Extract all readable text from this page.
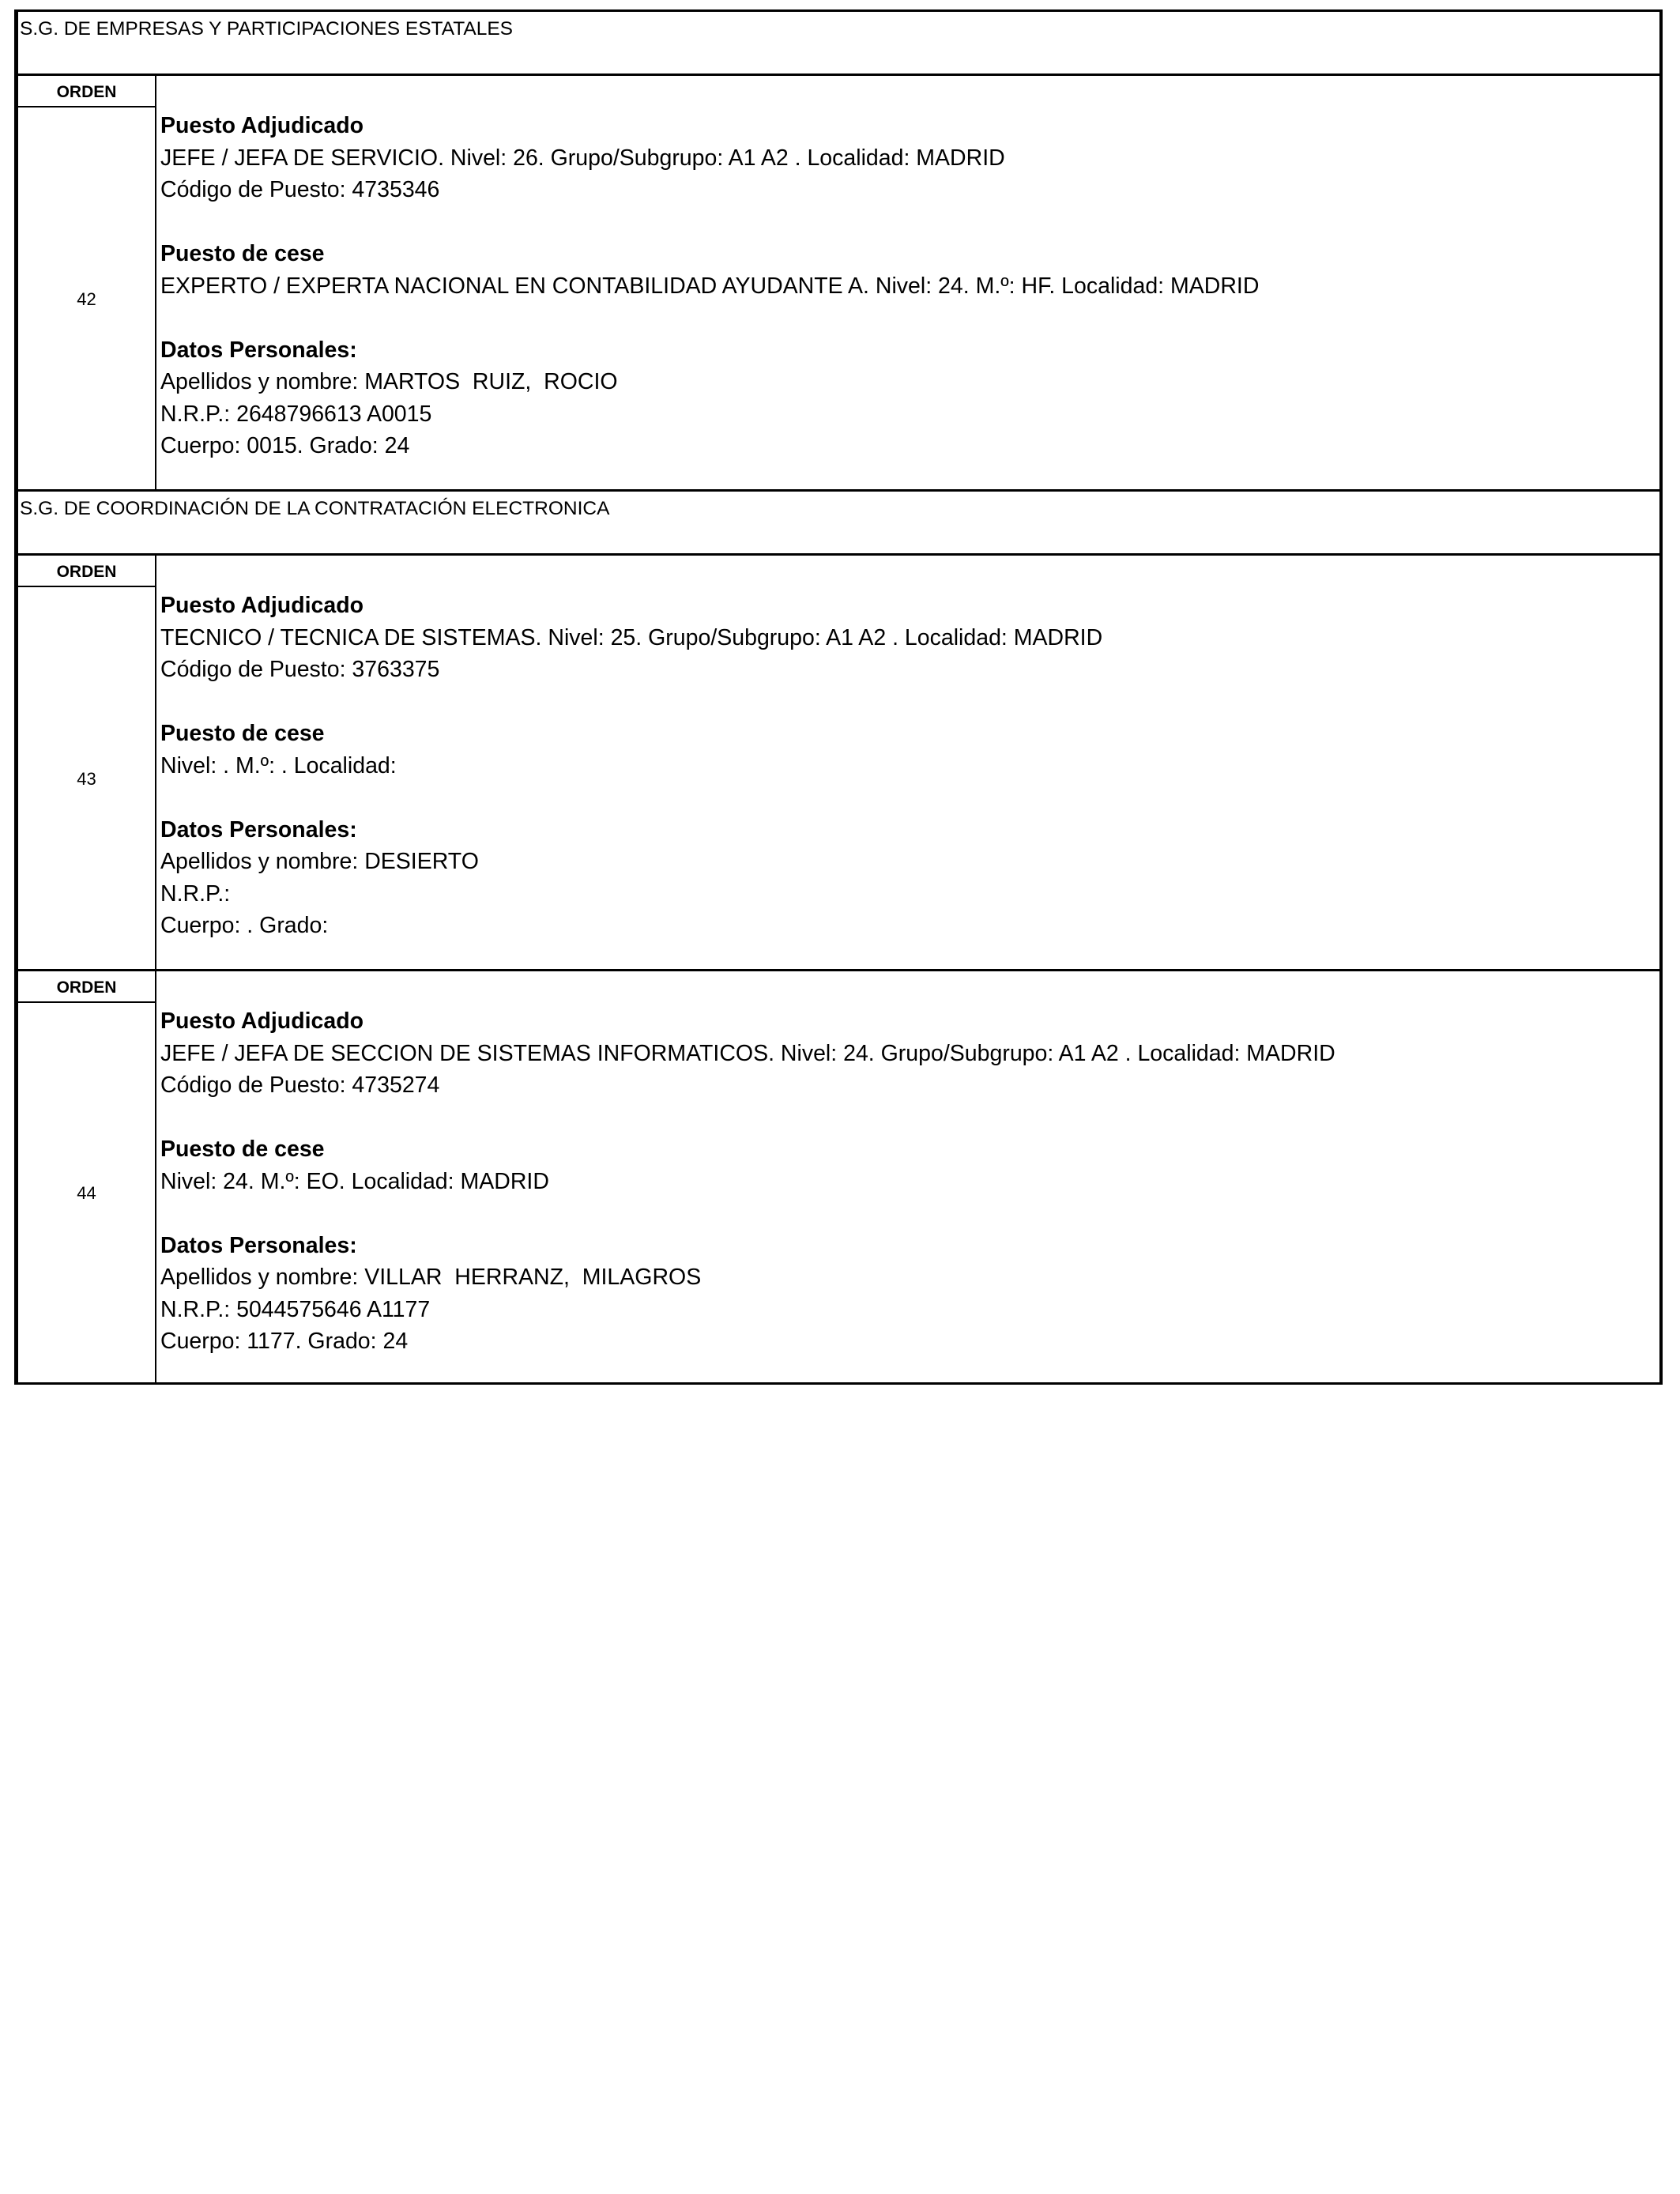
S.G. DE EMPRESAS Y PARTICIPACIONES ESTATALES
ORDEN
42
Puesto Adjudicado
JEFE / JEFA DE SERVICIO. Nivel: 26. Grupo/Subgrupo: A1 A2 . Localidad: MADRID
Código de Puesto: 4735346
Puesto de cese
EXPERTO / EXPERTA NACIONAL EN CONTABILIDAD AYUDANTE A. Nivel: 24. M.º: HF. Localidad: MADRID
Datos Personales:
Apellidos y nombre: MARTOS  RUIZ,  ROCIO
N.R.P.: 2648796613 A0015
Cuerpo: 0015. Grado: 24
S.G. DE COORDINACIÓN DE LA CONTRATACIÓN ELECTRONICA
ORDEN
43
Puesto Adjudicado
TECNICO / TECNICA DE SISTEMAS. Nivel: 25. Grupo/Subgrupo: A1 A2 . Localidad: MADRID
Código de Puesto: 3763375
Puesto de cese
Nivel: . M.º: . Localidad:
Datos Personales:
Apellidos y nombre: DESIERTO
N.R.P.:
Cuerpo: . Grado:
ORDEN
44
Puesto Adjudicado
JEFE / JEFA DE SECCION DE SISTEMAS INFORMATICOS. Nivel: 24. Grupo/Subgrupo: A1 A2 . Localidad: MADRID
Código de Puesto: 4735274
Puesto de cese
Nivel: 24. M.º: EO. Localidad: MADRID
Datos Personales:
Apellidos y nombre: VILLAR  HERRANZ,  MILAGROS
N.R.P.: 5044575646 A1177
Cuerpo: 1177. Grado: 24
